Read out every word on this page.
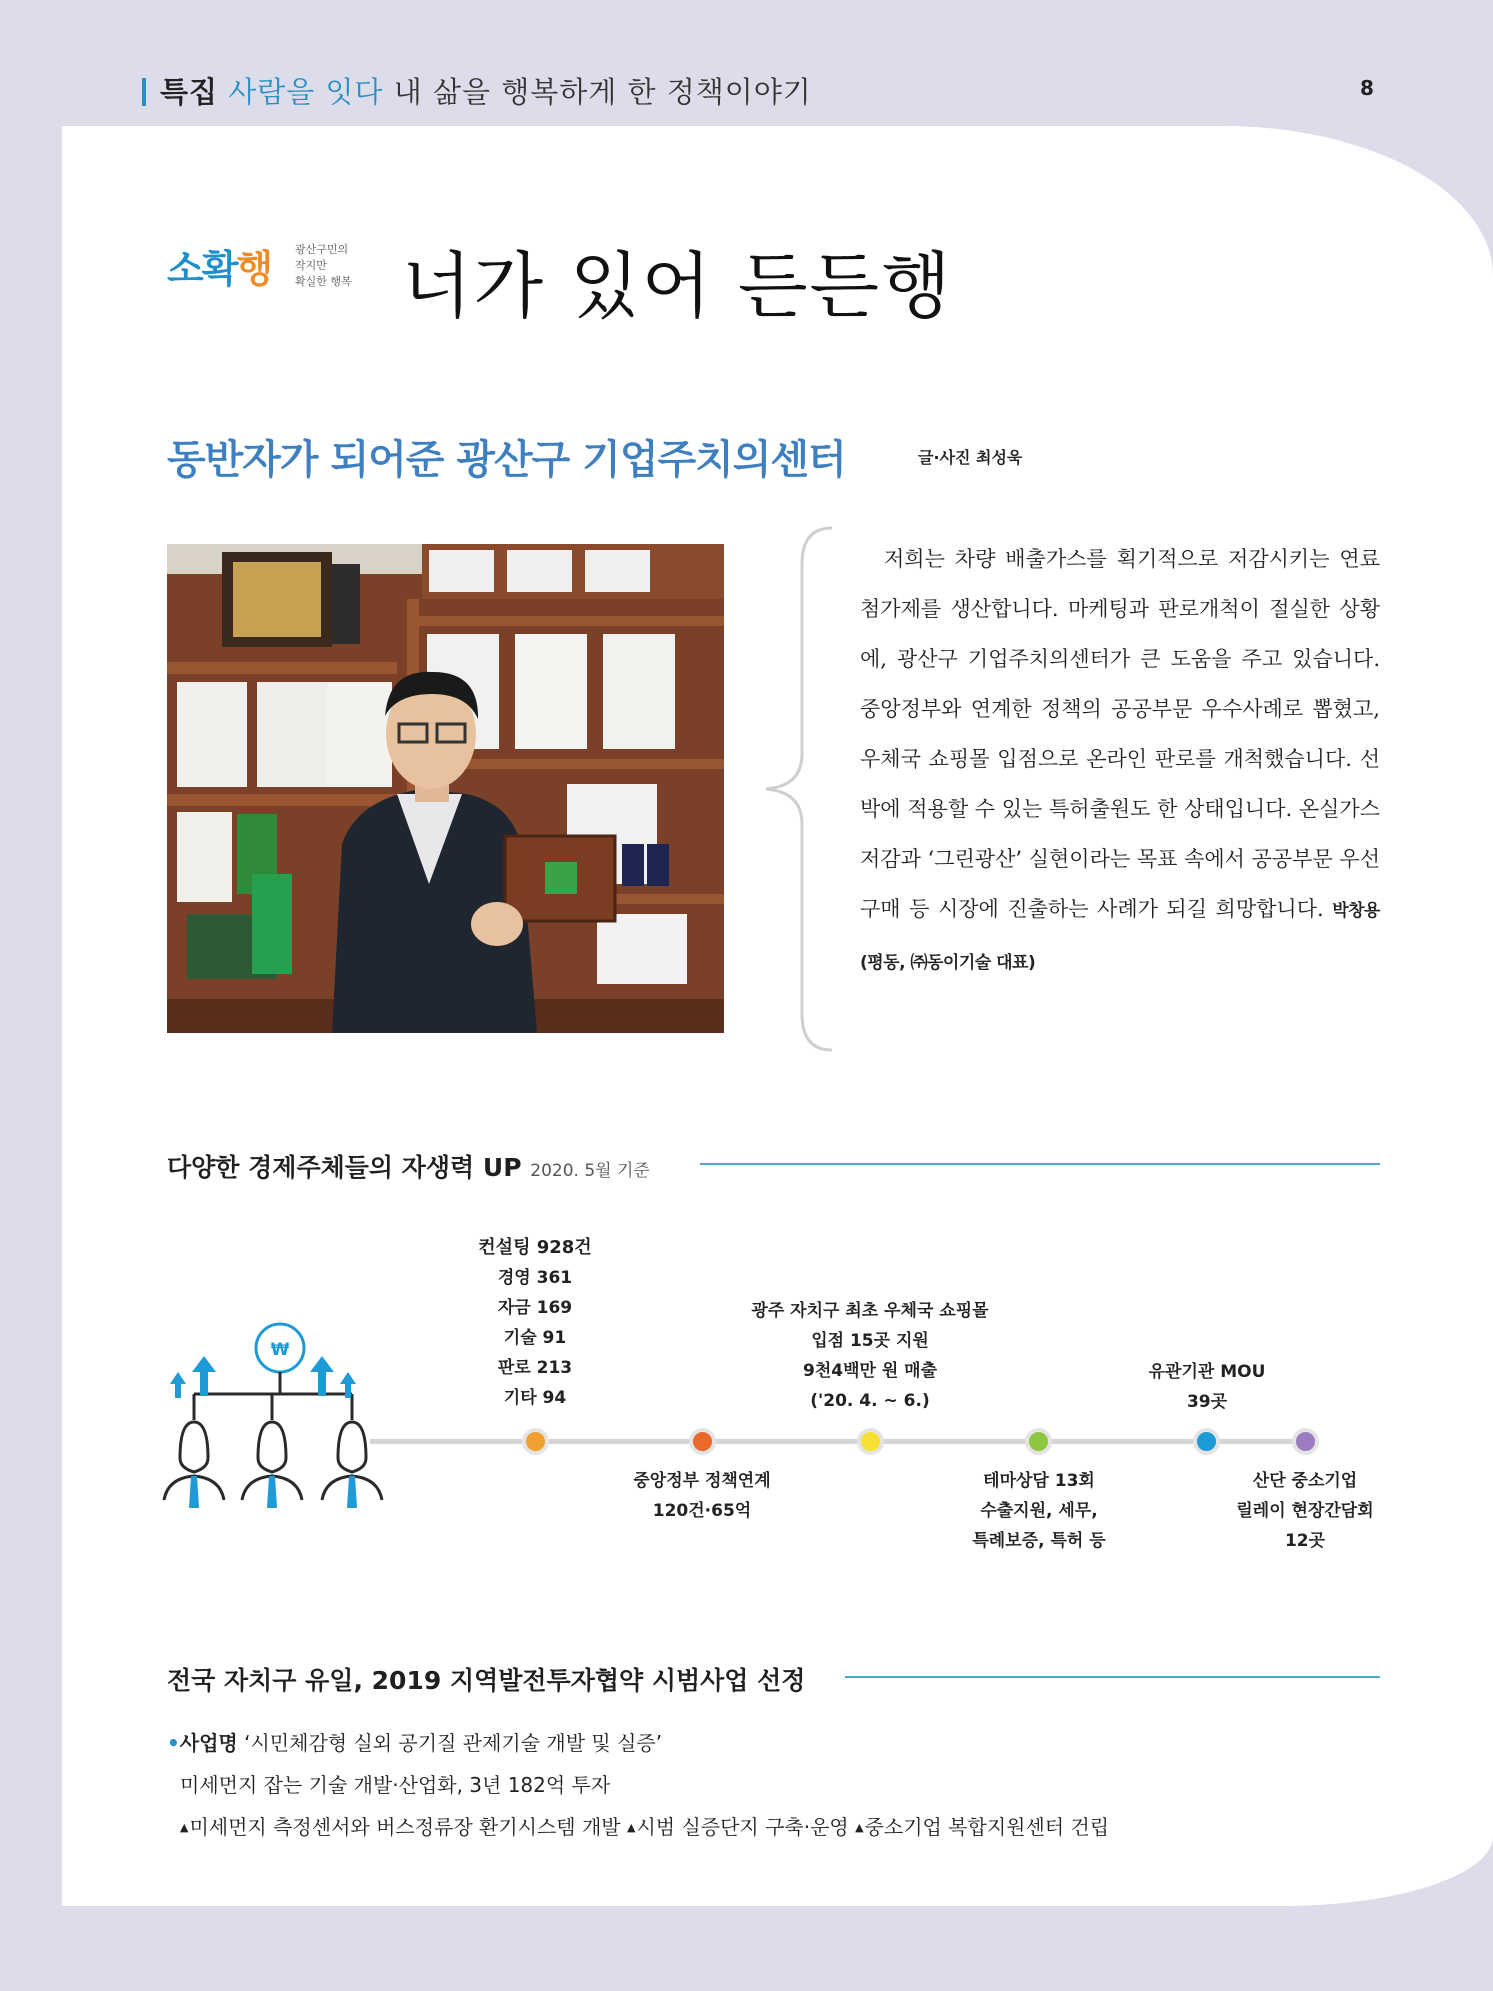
특집 사람을 잇다 내 삶을 행복하게 한 정책이야기	8
소확행 광산구민의
작지만
확실한 행복 너가 있어 든든행
동반자가 되어준 광산구 기업주치의센터	글·사진 최성욱
저희는 차량 배출가스를 획기적으로 저감시키는 연료첨가제를 생산합니다. 마케팅과 판로개척이 절실한 상황에, 광산구 기업주치의센터가 큰 도움을 주고 있습니다. 중앙정부와 연계한 정책의 공공부문 우수사례로 뽑혔고, 우체국 쇼핑몰 입점으로 온라인 판로를 개척했습니다. 선박에 적용할 수 있는 특허출원도 한 상태입니다. 온실가스 저감과 ‘그린광산’ 실현이라는 목표 속에서 공공부문 우선구매 등 시장에 진출하는 사례가 되길 희망합니다. 박창용(평동, ㈜동이기술 대표)
다양한 경제주체들의 자생력 UP 2020. 5월 기준
₩
컨설팅 928건
경영 361
자금 169
기술 91
판로 213
기타 94
중앙정부 정책연계
120건·65억
광주 자치구 최초 우체국 쇼핑몰
입점 15곳 지원
9천4백만 원 매출
('20. 4. ~ 6.)
테마상담 13회
수출지원, 세무,
특례보증, 특허 등
유관기관 MOU
39곳
산단 중소기업
릴레이 현장간담회
12곳
전국 자치구 유일, 2019 지역발전투자협약 시범사업 선정
•사업명 ‘시민체감형 실외 공기질 관제기술 개발 및 실증’
미세먼지 잡는 기술 개발·산업화, 3년 182억 투자
▲미세먼지 측정센서와 버스정류장 환기시스템 개발 ▲시범 실증단지 구축·운영 ▲중소기업 복합지원센터 건립
